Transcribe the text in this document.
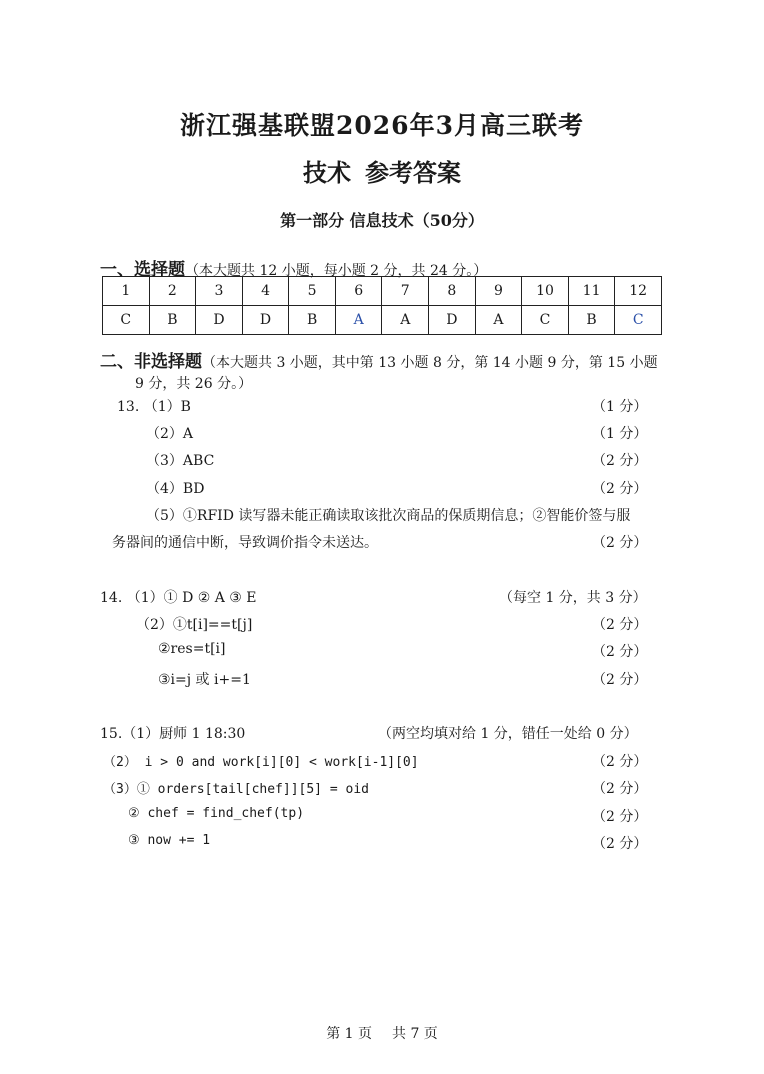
浙江强基联盟2026年3月高三联考
技术 参考答案
第一部分 信息技术（50分）
一、选择题（本大题共 12 小题，每小题 2 分，共 24 分。）
1	2	3	4	5	6	7	8	9	10	11	12
C	B	D	D	B	A	A	D	A	C	B	C
二、非选择题（本大题共 3 小题，其中第 13 小题 8 分，第 14 小题 9 分，第 15 小题
9 分，共 26 分。）
13. （1）B	（1 分）
（2）A	（1 分）
（3）ABC	（2 分）
（4）BD	（2 分）
（5）①RFID 读写器未能正确读取该批次商品的保质期信息；②智能价签与服
务器间的通信中断，导致调价指令未送达。	（2 分）
14. （1）① D ② A ③ E	（每空 1 分，共 3 分）
（2）①t[i]==t[j]	（2 分）
②res=t[i]	（2 分）
③i=j 或 i+=1	（2 分）
15.（1）厨师 1 18:30	（两空均填对给 1 分，错任一处给 0 分）
（2） i > 0 and work[i][0] < work[i-1][0]	（2 分）
（3）① orders[tail[chef]][5] = oid	（2 分）
② chef = find_chef(tp)	（2 分）
③ now += 1	（2 分）
第 1 页 共 7 页
